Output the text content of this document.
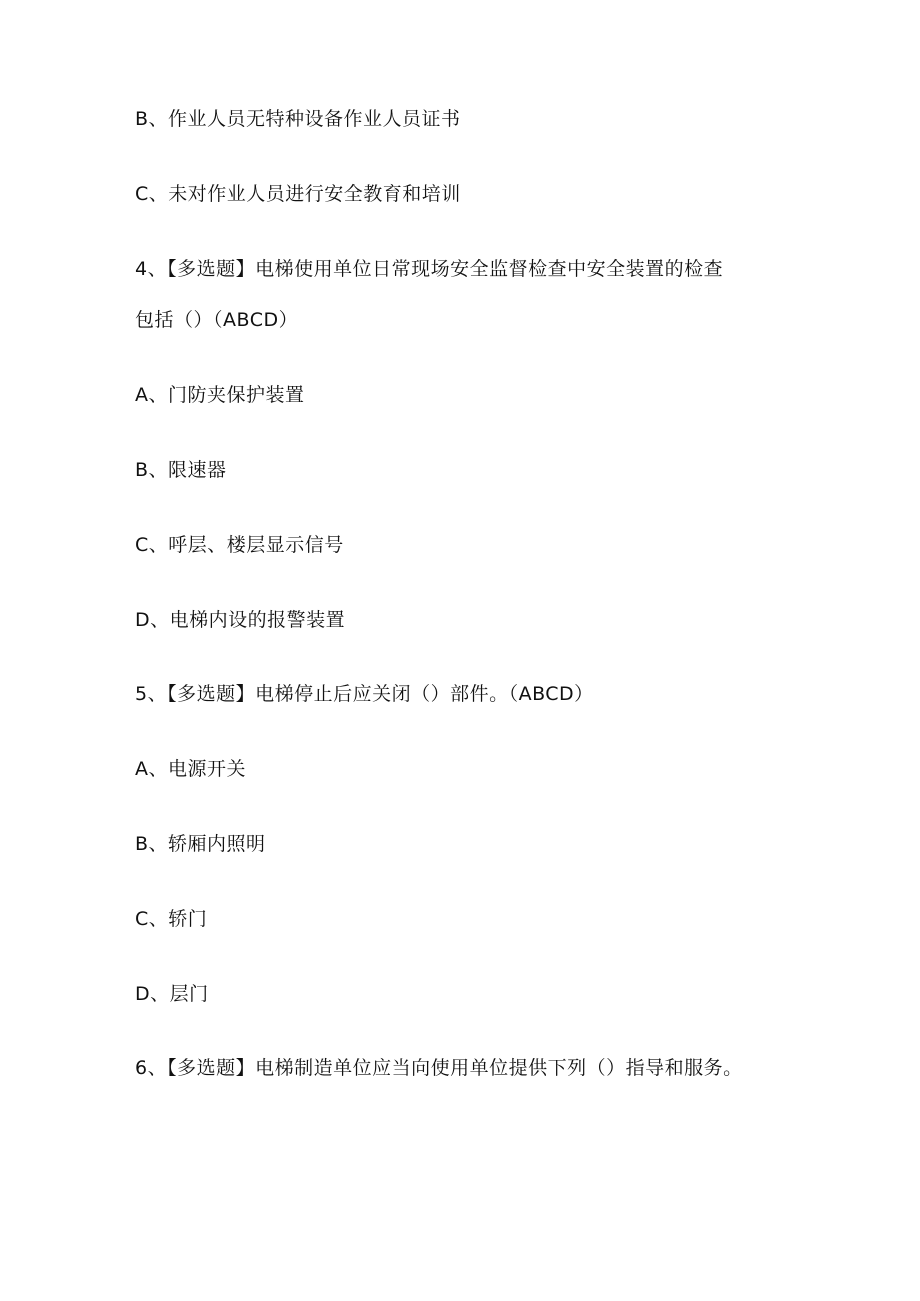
B、作业人员无特种设备作业人员证书
C、未对作业人员进行安全教育和培训
4、【多选题】电梯使用单位日常现场安全监督检查中安全装置的检查
包括（）（ABCD）
A、门防夹保护装置
B、限速器
C、呼层、楼层显示信号
D、电梯内设的报警装置
5、【多选题】电梯停止后应关闭（）部件。（ABCD）
A、电源开关
B、轿厢内照明
C、轿门
D、层门
6、【多选题】电梯制造单位应当向使用单位提供下列（）指导和服务。
